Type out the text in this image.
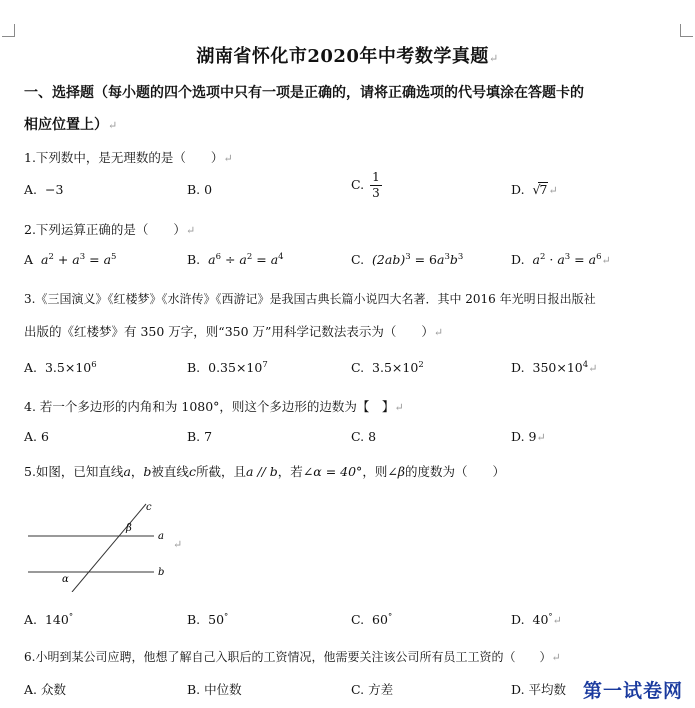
湖南省怀化市2020年中考数学真题↵
一、选择题（每小题的四个选项中只有一项是正确的，请将正确选项的代号填涂在答题卡的
相应位置上）↵
1.下列数中，是无理数的是（　　）↵
A. −3	B. 0	C. $\frac{1}{3}$	D. √7↵
2.下列运算正确的是（　　）↵
A $a^2 + a^3 = a^5$	B. $a^6 \div a^2 = a^4$	C. $(2ab)^3 = 6a^3b^3$	D. $a^2 \cdot a^3$ = $a^6↵$
3.《三国演义》《红楼梦》《水浒传》《西游记》是我国古典长篇小说四大名著．其中 2016 年光明日报出版社
出版的《红楼梦》有 350 万字，则“350 万”用科学记数法表示为（　　）↵
A. $3.5\times 10^6$	B. $0.35\times 10^7$	C. $3.5\times 10^2$	D. $350\times 10^4↵$
4. 若一个多边形的内角和为 1080°，则这个多边形的边数为【　】↵
A. 6	B. 7	C. 8	D. 9↵
5.如图，已知直线a，b被直线c所截，且a // b，若∠α = 40°，则∠β的度数为（　　）
c
a
b
β
α
↵
A. 140°	B. 50°	C. 60°	D. 40°↵
6.小明到某公司应聘，他想了解自己入职后的工资情况，他需要关注该公司所有员工工资的（　　）↵
A. 众数	B. 中位数	C. 方差	D. 平均数 第一试卷网
